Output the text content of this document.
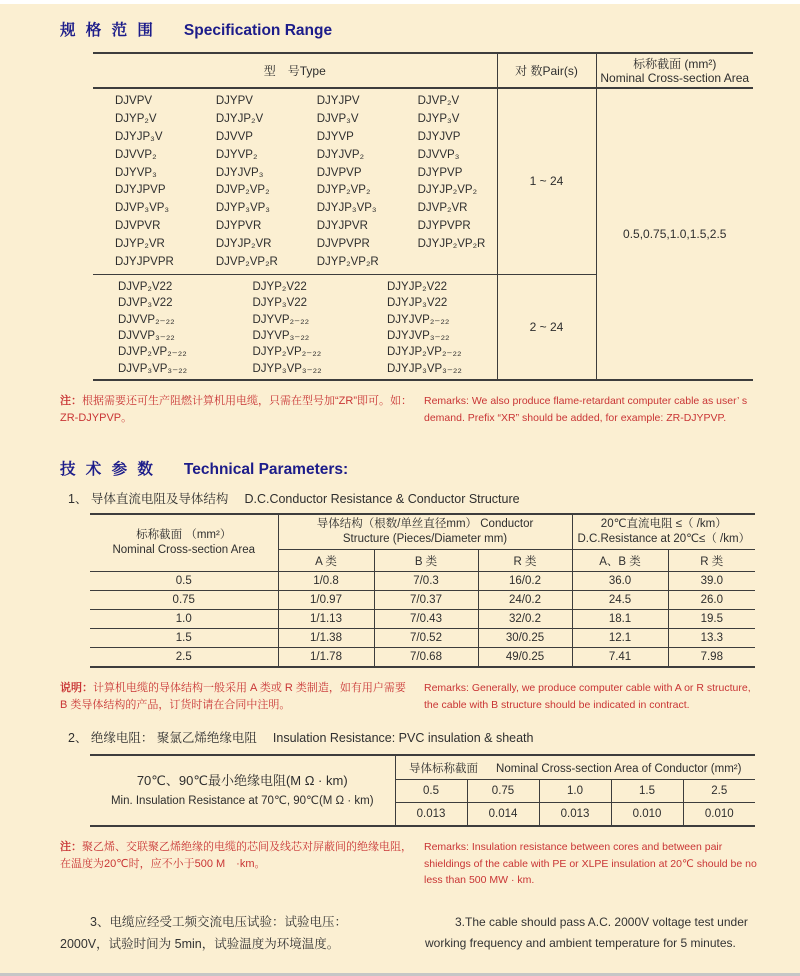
规 格 范 围 Specification Range
型　号Type	对 数Pair(s)	标称截面 (mm²)
Nominal Cross-section Area

DJVPV	DJYPV	DJYJPV	DJVP₂V
DJYP₂V	DJYJP₂V	DJVP₃V	DJYP₃V
DJYJP₃V	DJVVP	DJYVP	DJYJVP
DJVVP₂	DJYVP₂	DJYJVP₂	DJVVP₃
DJYVP₃	DJYJVP₃	DJVPVP	DJYPVP
DJYJPVP	DJVP₂VP₂	DJYP₂VP₂	DJYJP₂VP₂
DJVP₃VP₃	DJYP₃VP₃	DJYJP₃VP₃	DJVP₂VR
DJVPVR	DJYPVR	DJYJPVR	DJYPVPR
DJYP₂VR	DJYJP₂VR	DJVPVPR	DJYJP₂VP₂R
DJYJPVPR	DJVP₂VP₂R	DJYP₂VP₂R
	1 ~ 24	0.5,0.75,1.0,1.5,2.5

DJVP₂V22	DJYP₂V22	DJYJP₂V22
DJVP₃V22	DJYP₃V22	DJYJP₃V22
DJVVP₂₋₂₂	DJYVP₂₋₂₂	DJYJVP₂₋₂₂
DJVVP₃₋₂₂	DJYVP₃₋₂₂	DJYJVP₃₋₂₂
DJVP₂VP₂₋₂₂	DJYP₂VP₂₋₂₂	DJYJP₂VP₂₋₂₂
DJVP₃VP₃₋₂₂	DJYP₃VP₃₋₂₂	DJYJP₃VP₃₋₂₂
	2 ~ 24
注：根据需要还可生产阻燃计算机用电缆，只需在型号加“ZR”即可。如：ZR-DJYPVP。
Remarks: We also produce flame-retardant computer cable as user’ s demand. Prefix “XR” should be added, for example: ZR-DJYPVP.
技 术 参 数 Technical Parameters:
1、 导体直流电阻及导体结构 D.C.Conductor Resistance & Conductor Structure
标称截面 （mm²）
Nominal Cross-section Area

导体结构（根数/单丝直径mm） Conductor
Structure (Pieces/Diameter mm)

20℃直流电阻 ≤（ /km）
D.C.Resistance at 20℃≤（ /km）

	A 类	B 类	R 类	A、B 类	R 类
0.5	1/0.8	7/0.3	16/0.2	36.0	39.0
0.75	1/0.97	7/0.37	24/0.2	24.5	26.0
1.0	1/1.13	7/0.43	32/0.2	18.1	19.5
1.5	1/1.38	7/0.52	30/0.25	12.1	13.3
2.5	1/1.78	7/0.68	49/0.25	7.41	7.98
说明：计算机电缆的导体结构一般采用 A 类或 R 类制造，如有用户需要 B 类导体结构的产品，订货时请在合同中注明。
Remarks: Generally, we produce computer cable with A or R structure, the cable with B structure should be indicated in contract.
2、 绝缘电阻： 聚氯乙烯绝缘电阻 Insulation Resistance: PVC insulation & sheath
70℃、90℃最小绝缘电阻(M Ω · km)
Min. Insulation Resistance at 70℃, 90℃(M Ω · km)	导体标称截面 Nominal Cross-section Area of Conductor (mm²)				
	0.5	0.75	1.0	1.5	2.5
	0.013	0.014	0.013	0.010	0.010
注：聚乙烯、交联聚乙烯绝缘的电缆的芯间及线芯对屏蔽间的绝缘电阻，在温度为20℃时，应不小于500 M　·km。
Remarks: Insulation resistance between cores and between pair shieldings of the cable with PE or XLPE insulation at 20℃ should be no less than 500 MW · km.
3、电缆应经受工频交流电压试验：试验电压：2000V，试验时间为 5min，试验温度为环境温度。
3.The cable should pass A.C. 2000V voltage test under working frequency and ambient temperature for 5 minutes.
